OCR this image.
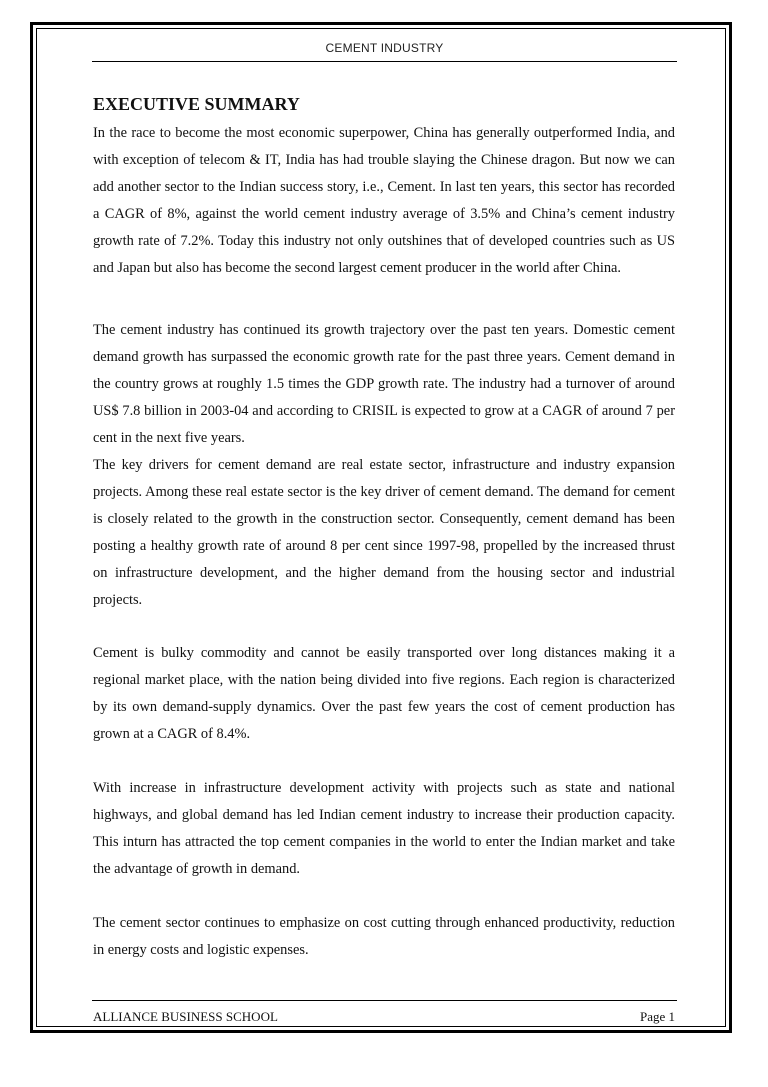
CEMENT INDUSTRY
EXECUTIVE SUMMARY

In the race to become the most economic superpower, China has generally outperformed India, and with exception of telecom & IT, India has had trouble slaying the Chinese dragon. But now we can add another sector to the Indian success story, i.e., Cement. In last ten years, this sector has recorded a CAGR of 8%, against the world cement industry average of 3.5% and China’s cement industry growth rate of 7.2%. Today this industry not only outshines that of developed countries such as US and Japan but also has become the second largest cement producer in the world after China.

The cement industry has continued its growth trajectory over the past ten years. Domestic cement demand growth has surpassed the economic growth rate for the past three years. Cement demand in the country grows at roughly 1.5 times the GDP growth rate. The industry had a turnover of around US$ 7.8 billion in 2003-04 and according to CRISIL is expected to grow at a CAGR of around 7 per cent in the next five years.

The key drivers for cement demand are real estate sector, infrastructure and industry expansion projects. Among these real estate sector is the key driver of cement demand. The demand for cement is closely related to the growth in the construction sector. Consequently, cement demand has been posting a healthy growth rate of around 8 per cent since 1997-98, propelled by the increased thrust on infrastructure development, and the higher demand from the housing sector and industrial projects.

Cement is bulky commodity and cannot be easily transported over long distances making it a regional market place, with the nation being divided into five regions. Each region is characterized by its own demand-supply dynamics. Over the past few years the cost of cement production has grown at a CAGR of 8.4%.

With increase in infrastructure development activity with projects such as state and national highways, and global demand has led Indian cement industry to increase their production capacity. This inturn has attracted the top cement companies in the world to enter the Indian market and take the advantage of growth in demand.

The cement sector continues to emphasize on cost cutting through enhanced productivity, reduction in energy costs and logistic expenses.

ALLIANCE BUSINESS SCHOOL	Page 1
